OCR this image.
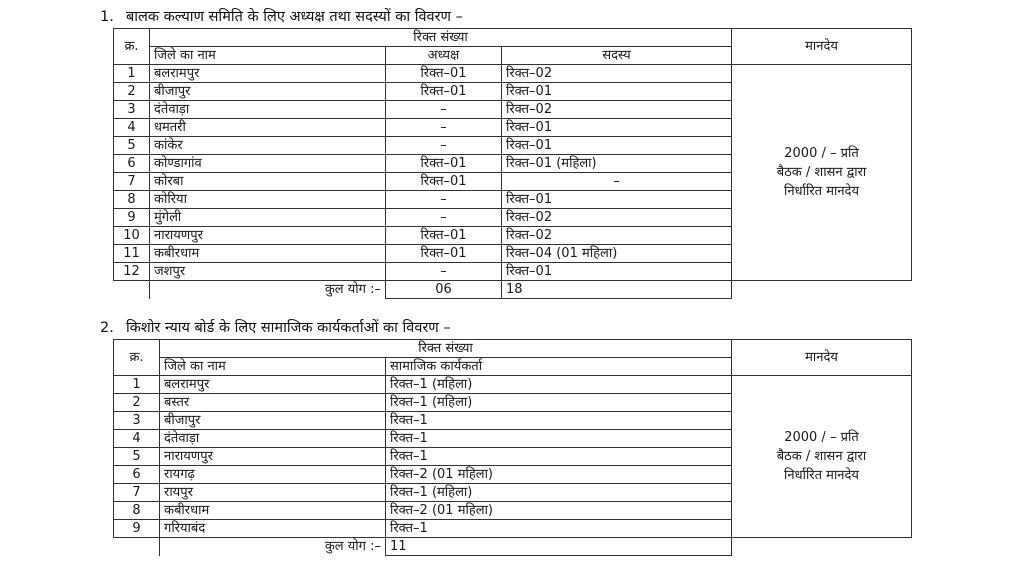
1. बालक कल्याण समिति के लिए अध्यक्ष तथा सदस्यों का विवरण –
क्र.	रिक्त संख्या			मानदेय
	जिले का नाम	अध्यक्ष	सदस्य	
1	बलरामपुर	रिक्त–01	रिक्त–02	2000 / – प्रति
बैठक / शासन द्वारा
निर्धारित मानदेय

2	बीजापुर	रिक्त–01	रिक्त–01	
3	दंतेवाड़ा	–	रिक्त–02	
4	धमतरी	–	रिक्त–01	
5	कांकेर	–	रिक्त–01	
6	कोण्डागांव	रिक्त–01	रिक्त–01 (महिला)	
7	कोरबा	रिक्त–01	–	
8	कोरिया	–	रिक्त–01	
9	मुंगेली	–	रिक्त–02	
10	नारायणपुर	रिक्त–01	रिक्त–02	
11	कबीरधाम	रिक्त–01	रिक्त–04 (01 महिला)	
12	जशपुर	–	रिक्त–01	
	कुल योग :–	06	18	
2. किशोर न्याय बोर्ड के लिए सामाजिक कार्यकर्ताओं का विवरण –
क्र.	रिक्त संख्या		मानदेय
	जिले का नाम	सामाजिक कार्यकर्ता	
1	बलरामपुर	रिक्त–1 (महिला)	2000 / – प्रति
बैठक / शासन द्वारा
निर्धारित मानदेय

2	बस्तर	रिक्त–1 (महिला)	
3	बीजापुर	रिक्त–1	
4	दंतेवाड़ा	रिक्त–1	
5	नारायणपुर	रिक्त–1	
6	रायगढ़	रिक्त–2 (01 महिला)	
7	रायपुर	रिक्त–1 (महिला)	
8	कबीरधाम	रिक्त–2 (01 महिला)	
9	गरियाबंद	रिक्त–1	
	कुल योग :–	11	
